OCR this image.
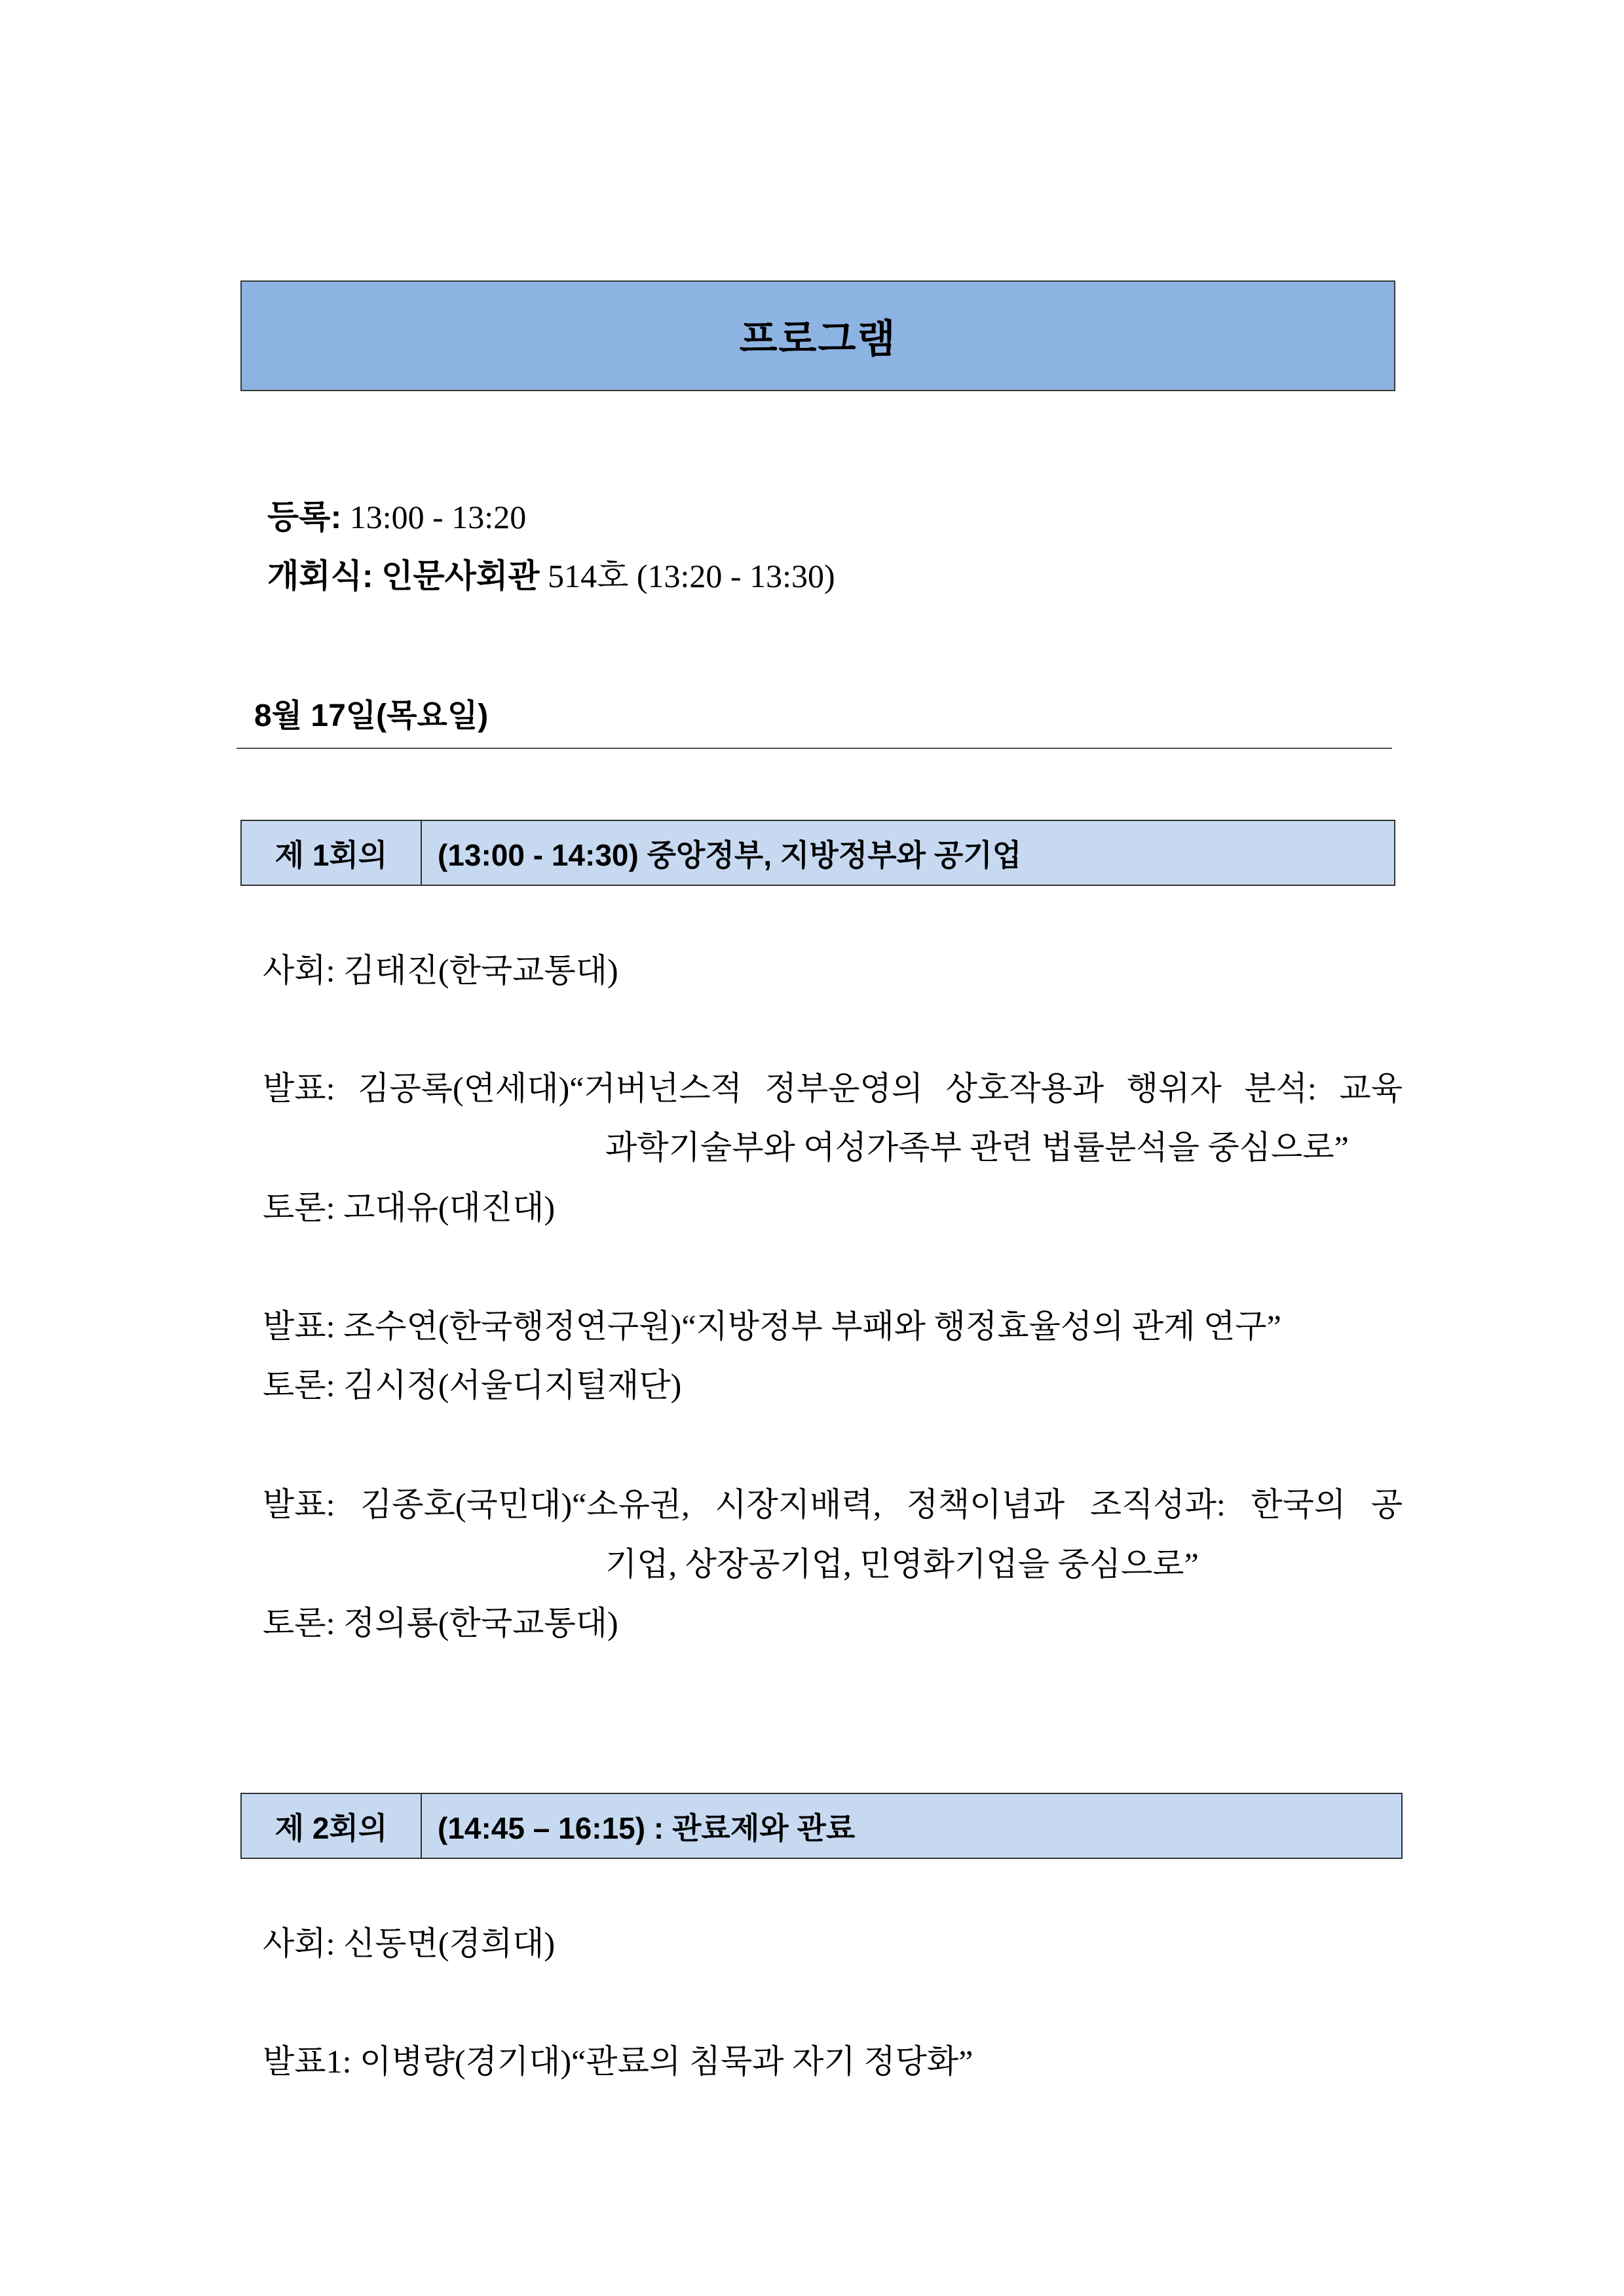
프로그램
등록: 13:00 - 13:20
개회식: 인문사회관 514호 (13:20 - 13:30)
8월 17일(목요일)
제 1회의	(13:00 - 14:30) 중앙정부, 지방정부와 공기업
사회: 김태진(한국교통대)
발표: 김공록(연세대)“거버넌스적 정부운영의 상호작용과 행위자 분석: 교육
과학기술부와 여성가족부 관련 법률분석을 중심으로”
토론: 고대유(대진대)
발표: 조수연(한국행정연구원)“지방정부 부패와 행정효율성의 관계 연구”
토론: 김시정(서울디지털재단)
발표: 김종호(국민대)“소유권, 시장지배력, 정책이념과 조직성과: 한국의 공
기업, 상장공기업, 민영화기업을 중심으로”
토론: 정의룡(한국교통대)
제 2회의	(14:45 – 16:15) : 관료제와 관료
사회: 신동면(경희대)
발표1: 이병량(경기대)“관료의 침묵과 자기 정당화”
